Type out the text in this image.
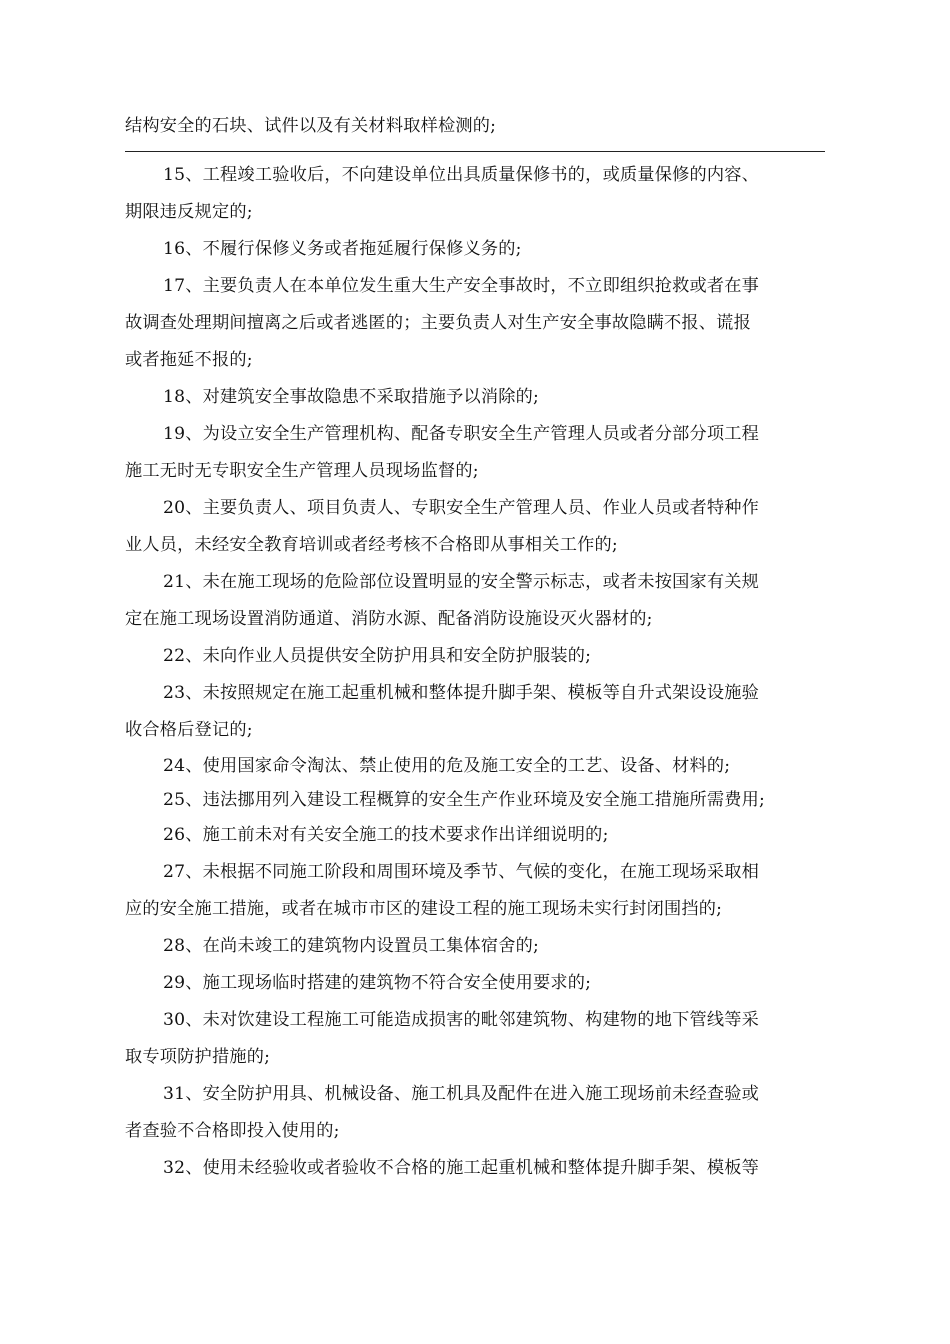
结构安全的石块、试件以及有关材料取样检测的;
15、工程竣工验收后，不向建设单位出具质量保修书的，或质量保修的内容、
期限违反规定的;
16、不履行保修义务或者拖延履行保修义务的;
17、主要负责人在本单位发生重大生产安全事故时，不立即组织抢救或者在事
故调查处理期间擅离之后或者逃匿的；主要负责人对生产安全事故隐瞒不报、谎报
或者拖延不报的;
18、对建筑安全事故隐患不采取措施予以消除的;
19、为设立安全生产管理机构、配备专职安全生产管理人员或者分部分项工程
施工无时无专职安全生产管理人员现场监督的;
20、主要负责人、项目负责人、专职安全生产管理人员、作业人员或者特种作
业人员，未经安全教育培训或者经考核不合格即从事相关工作的;
21、未在施工现场的危险部位设置明显的安全警示标志，或者未按国家有关规
定在施工现场设置消防通道、消防水源、配备消防设施设灭火器材的;
22、未向作业人员提供安全防护用具和安全防护服装的;
23、未按照规定在施工起重机械和整体提升脚手架、模板等自升式架设设施验
收合格后登记的;
24、使用国家命令淘汰、禁止使用的危及施工安全的工艺、设备、材料的;
25、违法挪用列入建设工程概算的安全生产作业环境及安全施工措施所需费用;
26、施工前未对有关安全施工的技术要求作出详细说明的;
27、未根据不同施工阶段和周围环境及季节、气候的变化，在施工现场采取相
应的安全施工措施，或者在城市市区的建设工程的施工现场未实行封闭围挡的;
28、在尚未竣工的建筑物内设置员工集体宿舍的;
29、施工现场临时搭建的建筑物不符合安全使用要求的;
30、未对饮建设工程施工可能造成损害的毗邻建筑物、构建物的地下管线等采
取专项防护措施的;
31、安全防护用具、机械设备、施工机具及配件在进入施工现场前未经查验或
者查验不合格即投入使用的;
32、使用未经验收或者验收不合格的施工起重机械和整体提升脚手架、模板等
